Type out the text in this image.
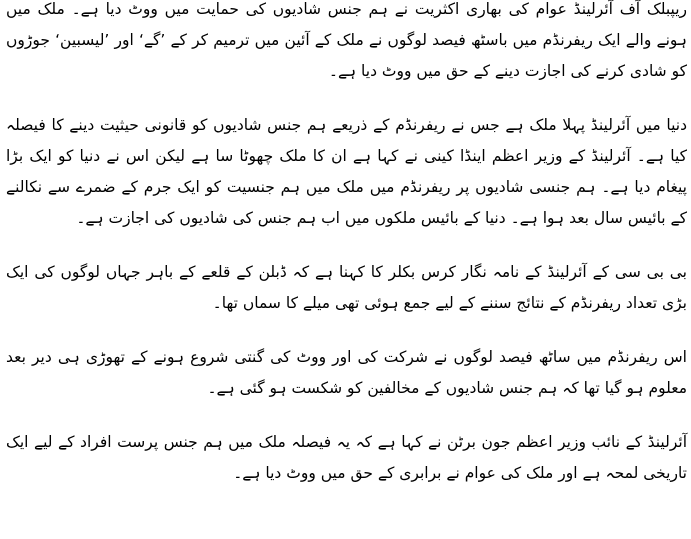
ریپبلک آف آئرلینڈ عوام کی بھاری اکثریت نے ہم جنس شادیوں کی حمایت میں ووٹ دیا ہے۔ ملک میں ہونے والے ایک ریفرنڈم میں باسٹھ فیصد لوگوں نے ملک کے آئین میں ترمیم کر کے ’گے‘ اور ’لیسبین‘ جوڑوں کو شادی کرنے کی اجازت دینے کے حق میں ووٹ دیا ہے۔

دنیا میں آئرلینڈ پہلا ملک ہے جس نے ریفرنڈم کے ذریعے ہم جنس شادیوں کو قانونی حیثیت دینے کا فیصلہ کیا ہے۔ آئرلینڈ کے وزیر اعظم اینڈا کینی نے کہا ہے ان کا ملک چھوٹا سا ہے لیکن اس نے دنیا کو ایک بڑا پیغام دیا ہے۔ ہم جنسی شادیوں پر ریفرنڈم میں ملک میں ہم جنسیت کو ایک جرم کے ضمرے سے نکالنے کے بائیس سال بعد ہوا ہے۔ دنیا کے بائیس ملکوں میں اب ہم جنس کی شادیوں کی اجازت ہے۔

بی بی سی کے آئرلینڈ کے نامہ نگار کرس بکلر کا کہنا ہے کہ ڈبلن کے قلعے کے باہر جہاں لوگوں کی ایک بڑی تعداد ریفرنڈم کے نتائج سننے کے لیے جمع ہوئی تھی میلے کا سماں تھا۔

اس ریفرنڈم میں ساٹھ فیصد لوگوں نے شرکت کی اور ووٹ کی گنتی شروع ہونے کے تھوڑی ہی دیر بعد معلوم ہو گیا تھا کہ ہم جنس شادیوں کے مخالفین کو شکست ہو گئی ہے۔

آئرلینڈ کے نائب وزیر اعظم جون برٹن نے کہا ہے کہ یہ فیصلہ ملک میں ہم جنس پرست افراد کے لیے ایک تاریخی لمحہ ہے اور ملک کی عوام نے برابری کے حق میں ووٹ دیا ہے۔
